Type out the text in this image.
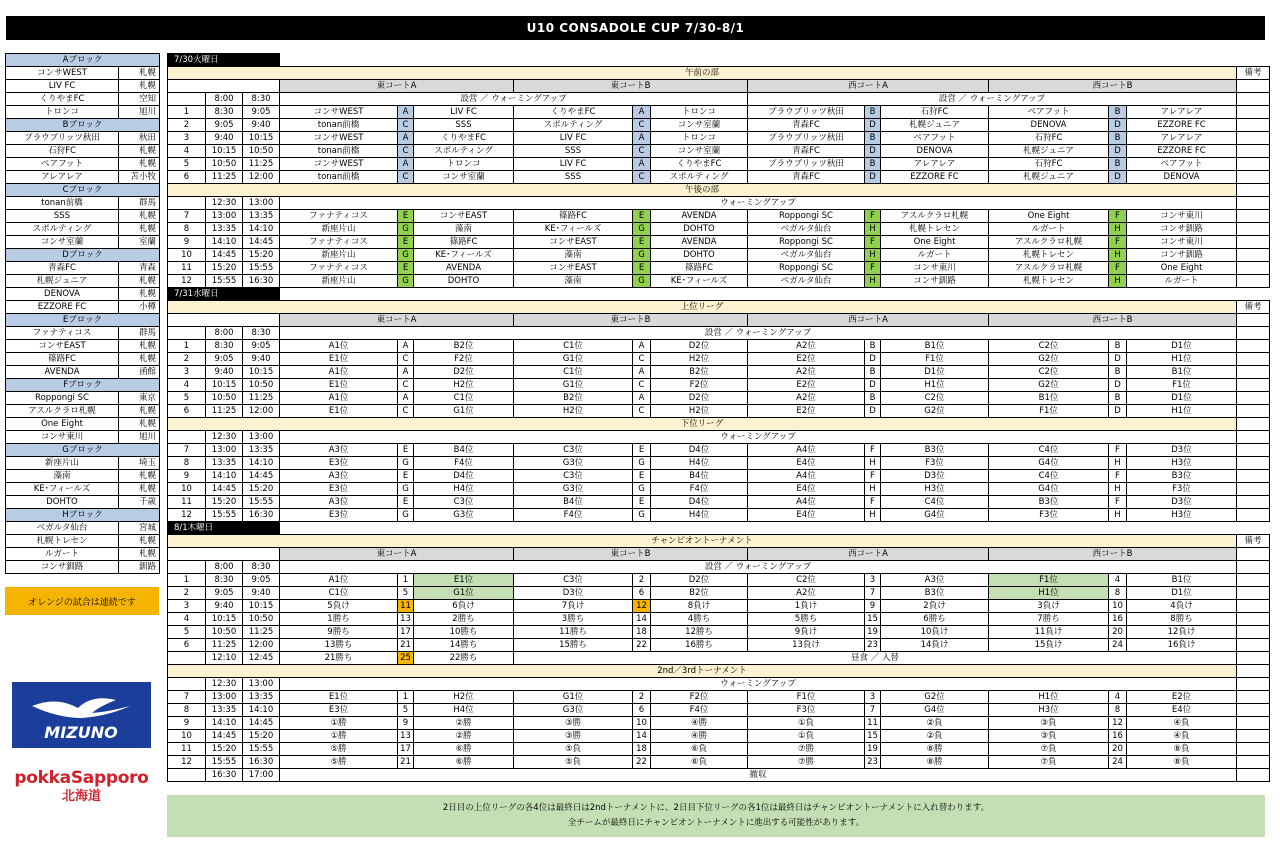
U10 CONSADOLE CUP 7/30-8/1
Aブロック	
コンサWEST	札幌
LIV FC	札幌
くりやまFC	空知
トロンコ	旭川
Bブロック	
ブラウブリッツ秋田	秋田
石狩FC	札幌
ペアフット	札幌
アレアレア	苫小牧
Cブロック	
tonan前橋	群馬
SSS	札幌
スポルティング	札幌
コンサ室蘭	室蘭
Dブロック	
青森FC	青森
札幌ジュニア	札幌
DENOVA	札幌
EZZORE FC	小樽
Eブロック	
ファナティコス	群馬
コンサEAST	札幌
篠路FC	札幌
AVENDA	函館
Fブロック	
Roppongi SC	東京
アスルクラロ札幌	札幌
One Eight	札幌
コンサ東川	旭川
Gブロック	
新座片山	埼玉
藻南	札幌
KE･フィールズ	札幌
DOHTO	千歳
Hブロック	
ベガルタ仙台	宮城
札幌トレセン	札幌
ルガート	札幌
コンサ釧路	釧路
オレンジの試合は連続です
MIZUNO
pokkaSapporo
北海道
7/30火曜日															
午前の部															備考
			東コートA			東コートB			西コートA			西コートB			
	8:00	8:30	設営 ／ ウォーミングアップ						設営 ／ ウォーミングアップ						
1	8:30	9:05	コンサWEST	A	LIV FC	くりやまFC	A	トロンコ	ブラウブリッツ秋田	B	石狩FC	ペアフット	B	アレアレア	
2	9:05	9:40	tonan前橋	C	SSS	スポルティング	C	コンサ室蘭	青森FC	D	札幌ジュニア	DENOVA	D	EZZORE FC	
3	9:40	10:15	コンサWEST	A	くりやまFC	LIV FC	A	トロンコ	ブラウブリッツ秋田	B	ペアフット	石狩FC	B	アレアレア	
4	10:15	10:50	tonan前橋	C	スポルティング	SSS	C	コンサ室蘭	青森FC	D	DENOVA	札幌ジュニア	D	EZZORE FC	
5	10:50	11:25	コンサWEST	A	トロンコ	LIV FC	A	くりやまFC	ブラウブリッツ秋田	B	アレアレア	石狩FC	B	ペアフット	
6	11:25	12:00	tonan前橋	C	コンサ室蘭	SSS	C	スポルティング	青森FC	D	EZZORE FC	札幌ジュニア	D	DENOVA	
午後の部															
	12:30	13:00	ウォーミングアップ												
7	13:00	13:35	ファナティコス	E	コンサEAST	篠路FC	E	AVENDA	Roppongi SC	F	アスルクラロ札幌	One Eight	F	コンサ東川	
8	13:35	14:10	新座片山	G	藻南	KE･フィールズ	G	DOHTO	ベガルタ仙台	H	札幌トレセン	ルガート	H	コンサ釧路	
9	14:10	14:45	ファナティコス	E	篠路FC	コンサEAST	E	AVENDA	Roppongi SC	F	One Eight	アスルクラロ札幌	F	コンサ東川	
10	14:45	15:20	新座片山	G	KE･フィールズ	藻南	G	DOHTO	ベガルタ仙台	H	ルガート	札幌トレセン	H	コンサ釧路	
11	15:20	15:55	ファナティコス	E	AVENDA	コンサEAST	E	篠路FC	Roppongi SC	F	コンサ東川	アスルクラロ札幌	F	One Eight	
12	15:55	16:30	新座片山	G	DOHTO	藻南	G	KE･フィールズ	ベガルタ仙台	H	コンサ釧路	札幌トレセン	H	ルガート	
7/31水曜日															
上位リーグ															備考
			東コートA			東コートB			西コートA			西コートB			
	8:00	8:30	設営 ／ ウォーミングアップ												
1	8:30	9:05	A1位	A	B2位	C1位	A	D2位	A2位	B	B1位	C2位	B	D1位	
2	9:05	9:40	E1位	C	F2位	G1位	C	H2位	E2位	D	F1位	G2位	D	H1位	
3	9:40	10:15	A1位	A	D2位	C1位	A	B2位	A2位	B	D1位	C2位	B	B1位	
4	10:15	10:50	E1位	C	H2位	G1位	C	F2位	E2位	D	H1位	G2位	D	F1位	
5	10:50	11:25	A1位	A	C1位	B2位	A	D2位	A2位	B	C2位	B1位	B	D1位	
6	11:25	12:00	E1位	C	G1位	H2位	C	H2位	E2位	D	G2位	F1位	D	H1位	
下位リーグ															
	12:30	13:00	ウォーミングアップ												
7	13:00	13:35	A3位	E	B4位	C3位	E	D4位	A4位	F	B3位	C4位	F	D3位	
8	13:35	14:10	E3位	G	F4位	G3位	G	H4位	E4位	H	F3位	G4位	H	H3位	
9	14:10	14:45	A3位	E	D4位	C3位	E	B4位	A4位	F	D3位	C4位	F	B3位	
10	14:45	15:20	E3位	G	H4位	G3位	G	F4位	E4位	H	H3位	G4位	H	F3位	
11	15:20	15:55	A3位	E	C3位	B4位	E	D4位	A4位	F	C4位	B3位	F	D3位	
12	15:55	16:30	E3位	G	G3位	F4位	G	H4位	E4位	H	G4位	F3位	H	H3位	
8/1木曜日															
チャンピオントーナメント															備考
			東コートA			東コートB			西コートA			西コートB			
	8:00	8:30	設営 ／ ウォーミングアップ												
1	8:30	9:05	A1位	1	E1位	C3位	2	D2位	C2位	3	A3位	F1位	4	B1位	
2	9:05	9:40	C1位	5	G1位	D3位	6	B2位	A2位	7	B3位	H1位	8	D1位	
3	9:40	10:15	5負け	11	6負け	7負け	12	8負け	1負け	9	2負け	3負け	10	4負け	
4	10:15	10:50	1勝ち	13	2勝ち	3勝ち	14	4勝ち	5勝ち	15	6勝ち	7勝ち	16	8勝ち	
5	10:50	11:25	9勝ち	17	10勝ち	11勝ち	18	12勝ち	9負け	19	10負け	11負け	20	12負け	
6	11:25	12:00	13勝ち	21	14勝ち	15勝ち	22	16勝ち	13負け	23	14負け	15負け	24	16負け	
	12:10	12:45	21勝ち	25	22勝ち	昼食 ／ 入替									
2nd／3rdトーナメント															
	12:30	13:00	ウォーミングアップ												
7	13:00	13:35	E1位	1	H2位	G1位	2	F2位	F1位	3	G2位	H1位	4	E2位	
8	13:35	14:10	E3位	5	H4位	G3位	6	F4位	F3位	7	G4位	H3位	8	E4位	
9	14:10	14:45	①勝	9	②勝	③勝	10	④勝	①負	11	②負	③負	12	④負	
10	14:45	15:20	①勝	13	②勝	③勝	14	④勝	①負	15	②負	③負	16	④負	
11	15:20	15:55	⑤勝	17	⑥勝	⑤負	18	⑥負	⑦勝	19	⑧勝	⑦負	20	⑧負	
12	15:55	16:30	⑤勝	21	⑥勝	⑤負	22	⑥負	⑦勝	23	⑧勝	⑦負	24	⑧負	
	16:30	17:00	撤収												
2日目の上位リーグの各4位は最終日は2ndトーナメントに、2日目下位リーグの各1位は最終日はチャンピオントーナメントに入れ替わります。
全チームが最終日にチャンピオントーナメントに進出する可能性があります。
